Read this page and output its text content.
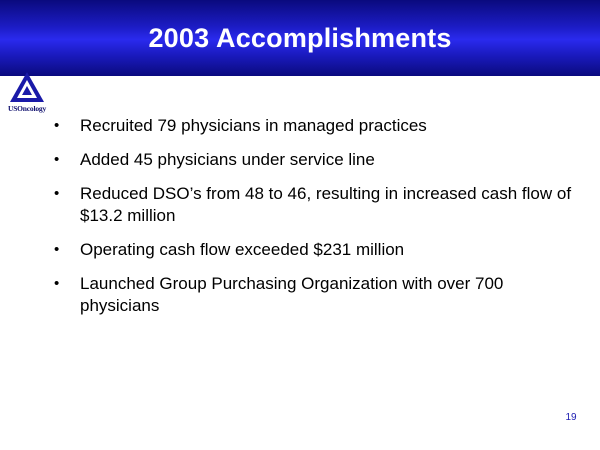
2003 Accomplishments
USOncology
• Recruited 79 physicians in managed practices
• Added 45 physicians under service line
• Reduced DSO’s from 48 to 46, resulting in increased cash flow of $13.2 million
• Operating cash flow exceeded $231 million
• Launched Group Purchasing Organization with over 700 physicians
19
